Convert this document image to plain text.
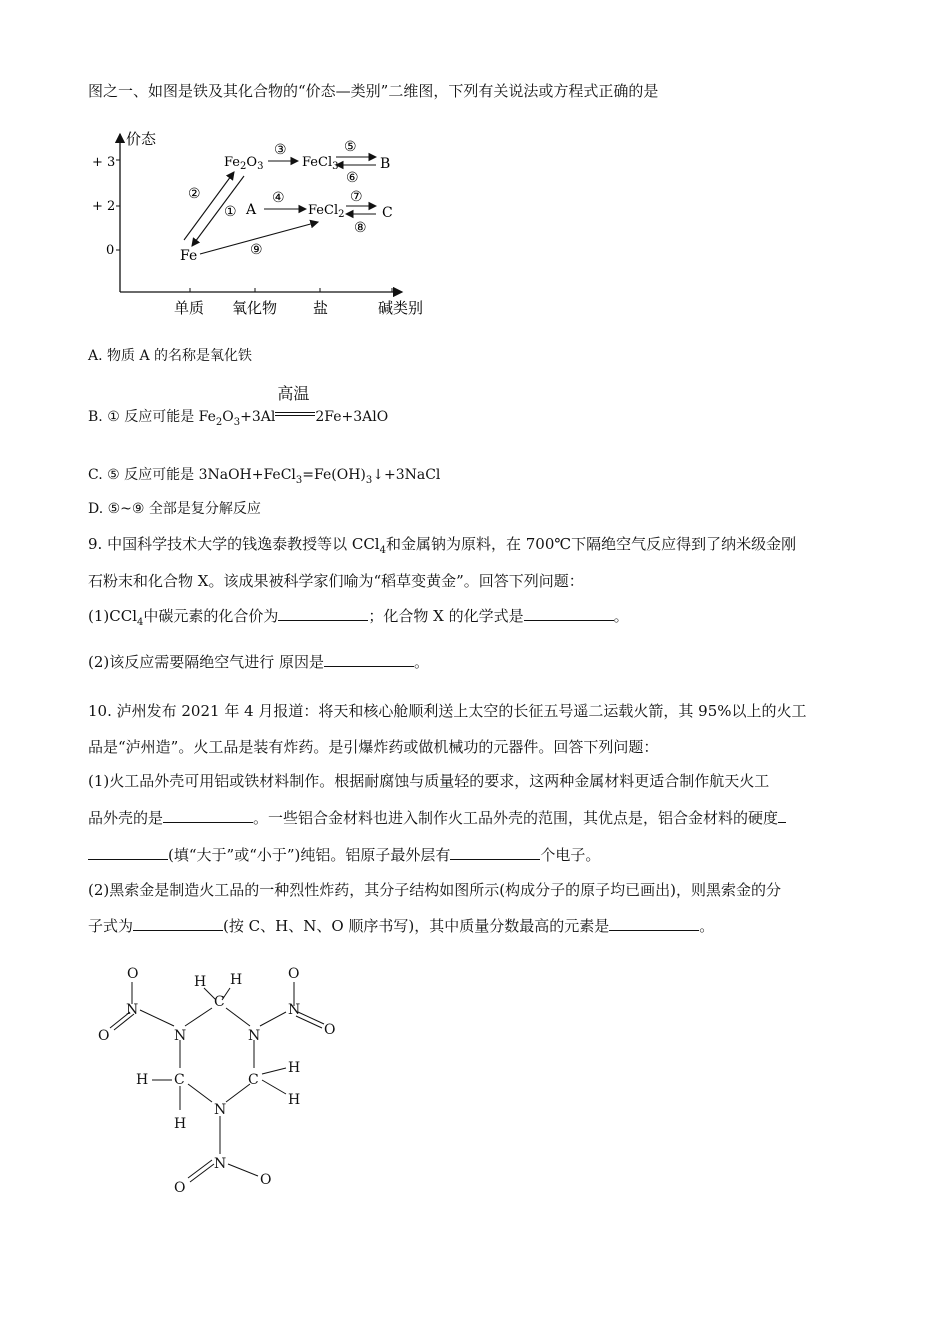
图之一、如图是铁及其化合物的“价态—类别”二维图，下列有关说法或方程式正确的是
价态
+ 3
+ 2
0
单质 氧化物 盐	碱类别
$Fe_2O_3$	FeCl$_3$	B
A	FeCl$_2$	C
Fe
②
①
③
④
⑤
⑥
⑦
⑧
⑨
A. 物质 A 的名称是氧化铁
B. ① 反应可能是 $Fe_2O_3+3Al$
高温
2Fe+3AlO
C. ⑤ 反应可能是 $3NaOH+FeCl_3=Fe(OH)_3↓+3NaCl$
D. ⑤~⑨ 全部是复分解反应
9. 中国科学技术大学的钱逸泰教授等以 CCl$_4$和金属钠为原料，在 700℃下隔绝空气反应得到了纳米级金刚
石粉末和化合物 X。该成果被科学家们喻为“稻草变黄金”。回答下列问题：
(1)CCl$_4$中碳元素的化合价为	；化合物 X 的化学式是	。
(2)该反应需要隔绝空气进行 原因是	。
10. 泸州发布 2021 年 4 月报道：将天和核心舱顺利送上太空的长征五号遥二运载火箭，其 95%以上的火工
品是“泸州造”。火工品是装有炸药。是引爆炸药或做机械功的元器件。回答下列问题：
(1)火工品外壳可用铝或铁材料制作。根据耐腐蚀与质量轻的要求，这两种金属材料更适合制作航天火工
品外壳的是	。一些铝合金材料也进入制作火工品外壳的范围，其优点是，铝合金材料的硬度
(填“大于”或“小于”)纯铝。铝原子最外层有	个电子。
(2)黑索金是制造火工品的一种烈性炸药，其分子结构如图所示(构成分子的原子均已画出)，则黑索金的分
子式为	(按 C、H、N、O 顺序书写)，其中质量分数最高的元素是	。
C
N
C
N
C
N
H H
H
H
H
H
N
O
O
N
O
O
N
O	O
